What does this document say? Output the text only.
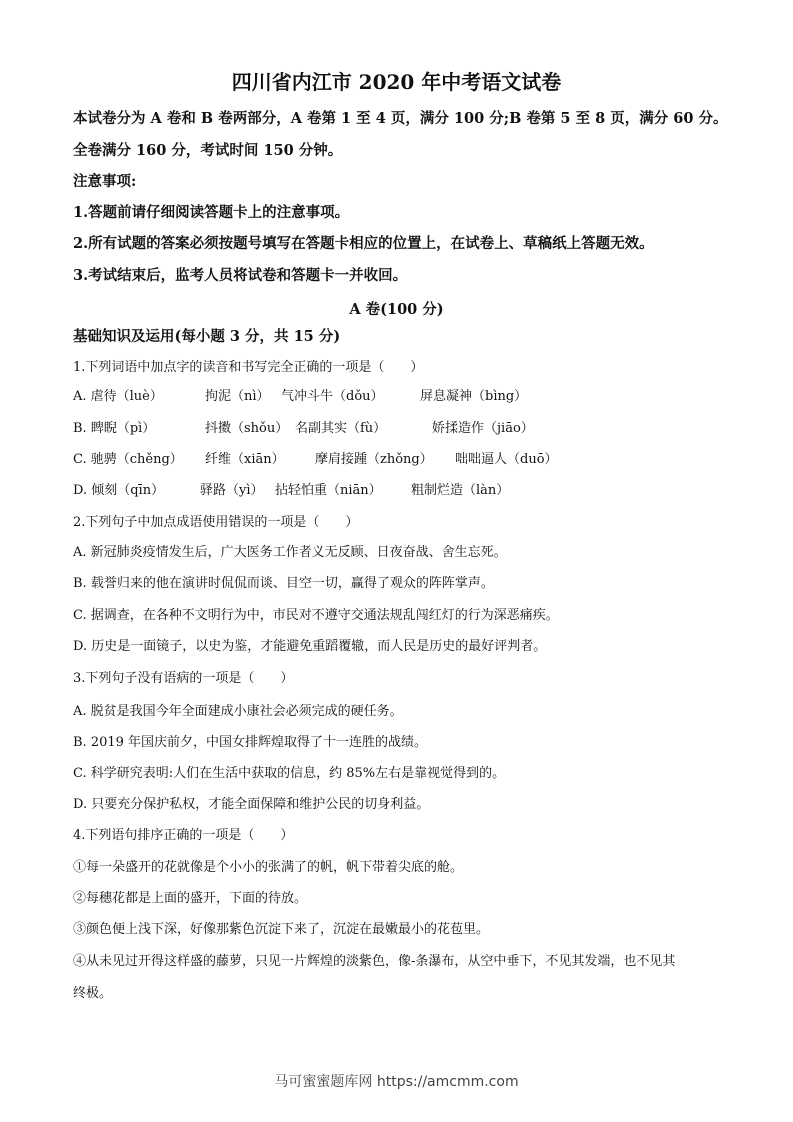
四川省内江市 2020 年中考语文试卷
本试卷分为 A 卷和 B 卷两部分，A 卷第 1 至 4 页，满分 100 分;B 卷第 5 至 8 页，满分 60 分。
全卷满分 160 分，考试时间 150 分钟。
注意事项:
1.答题前请仔细阅读答题卡上的注意事项。
2.所有试题的答案必须按题号填写在答题卡相应的位置上，在试卷上、草稿纸上答题无效。
3.考试结束后，监考人员将试卷和答题卡一并收回。
A 卷(100 分)
基础知识及运用(每小题 3 分，共 15 分)
1.下列词语中加点字的读音和书写完全正确的一项是（　　）
A. 虐待（luè）	拘泥（nì） 气冲斗牛（dǒu）	屏息凝神（bìng）
B. 睥睨（pì）	抖擞（shǒu） 名副其实（fù）	娇揉造作（jiāo）
C. 驰骋（chěng） 纤维（xiān） 摩肩接踵（zhǒng） 咄咄逼人（duō）
D. 倾刻（qīn）	驿路（yì） 拈轻怕重（niān） 粗制烂造（làn）
2.下列句子中加点成语使用错误的一项是（　　）
A. 新冠肺炎疫情发生后，广大医务工作者义无反顾、日夜奋战、舍生忘死。
B. 载誉归来的他在演讲时侃侃而谈、目空一切，赢得了观众的阵阵掌声。
C. 据调查，在各种不文明行为中，市民对不遵守交通法规乱闯红灯的行为深恶痛疾。
D. 历史是一面镜子，以史为鉴，才能避免重蹈覆辙，而人民是历史的最好评判者。
3.下列句子没有语病的一项是（　　）
A. 脱贫是我国今年全面建成小康社会必须完成的硬任务。
B. 2019 年国庆前夕，中国女排辉煌取得了十一连胜的战绩。
C. 科学研究表明:人们在生活中获取的信息，约 85%左右是靠视觉得到的。
D. 只要充分保护私权，才能全面保障和维护公民的切身利益。
4.下列语句排序正确的一项是（　　）
①每一朵盛开的花就像是个小小的张满了的帆，帆下带着尖底的舱。
②每穗花都是上面的盛开，下面的待放。
③颜色便上浅下深，好像那紫色沉淀下来了，沉淀在最嫩最小的花苞里。
④从未见过开得这样盛的藤萝，只见一片辉煌的淡紫色，像-条瀑布，从空中垂下，不见其发端，也不见其
终极。
马可蜜蜜题库网 https://amcmm.com
